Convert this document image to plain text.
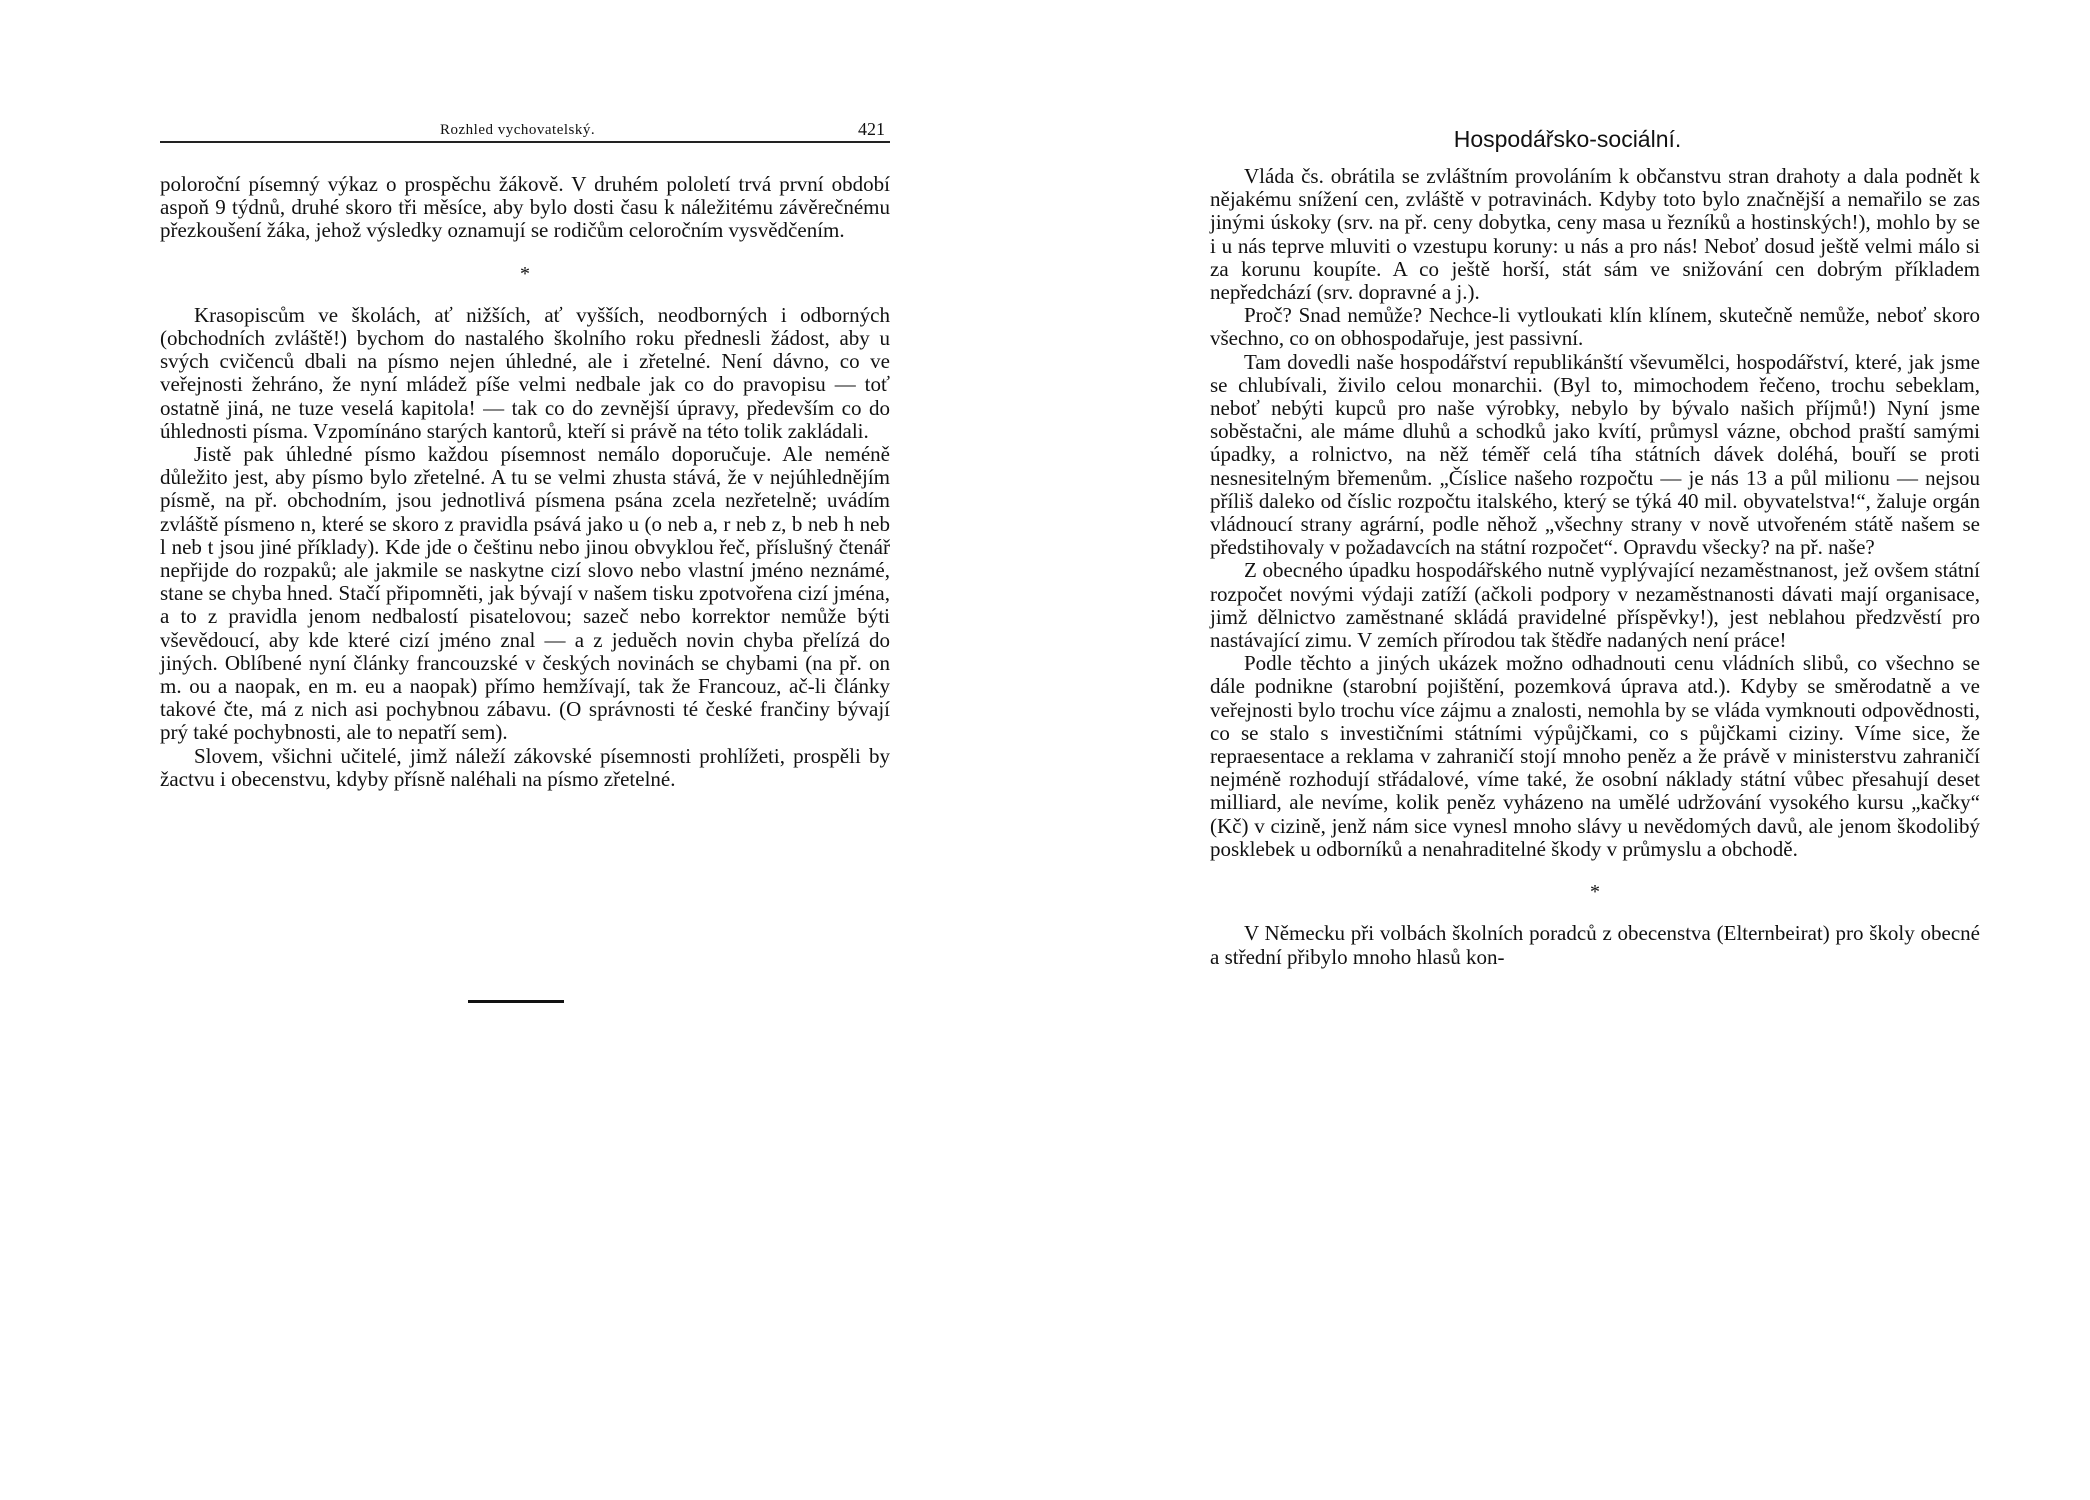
Rozhled vychovatelský.	421

poloroční písemný výkaz o prospěchu žákově. V druhém pololetí trvá první období aspoň 9 týdnů, druhé skoro tři měsíce, aby bylo dosti času k náležitému závěrečnému přezkoušení žáka, jehož výsledky oznamují se rodičům celoročním vysvědčením.

*

Krasopiscům ve školách, ať nižších, ať vyšších, neodborných i odborných (obchodních zvláště!) bychom do nastalého školního roku přednesli žádost, aby u svých cvičenců dbali na písmo nejen úhledné, ale i zřetelné. Není dávno, co ve veřejnosti žehráno, že nyní mládež píše velmi nedbale jak co do pravopisu — toť ostatně jiná, ne tuze veselá kapitola! — tak co do zevnější úpravy, především co do úhlednosti písma. Vzpomínáno starých kantorů, kteří si právě na této tolik zakládali.

Jistě pak úhledné písmo každou písemnost nemálo doporučuje. Ale neméně důležito jest, aby písmo bylo zřetelné. A tu se velmi zhusta stává, že v nejúhlednějím písmě, na př. obchodním, jsou jednotlivá písmena psána zcela nezřetelně; uvádím zvláště písmeno n, které se skoro z pravidla psává jako u (o neb a, r neb z, b neb h neb l neb t jsou jiné příklady). Kde jde o češtinu nebo jinou obvyklou řeč, příslušný čtenář nepřijde do rozpaků; ale jakmile se naskytne cizí slovo nebo vlastní jméno neznámé, stane se chyba hned. Stačí připomněti, jak bývají v našem tisku zpotvořena cizí jména, a to z pravidla jenom nedbalostí pisatelovou; sazeč nebo korrektor nemůže býti vševědoucí, aby kde které cizí jméno znal — a z jeduěch novin chyba přelízá do jiných. Oblíbené nyní články francouzské v českých novinách se chybami (na př. on m. ou a naopak, en m. eu a naopak) přímo hemžívají, tak že Francouz, ač-li články takové čte, má z nich asi pochybnou zábavu. (O správnosti té české frančiny bývají prý také pochybnosti, ale to nepatří sem).

Slovem, všichni učitelé, jimž náleží zákovské písemnosti prohlížeti, prospěli by žactvu i obecenstvu, kdyby přísně naléhali na písmo zřetelné.

Hospodářsko-sociální.

Vláda čs. obrátila se zvláštním provoláním k občanstvu stran drahoty a dala podnět k nějakému snížení cen, zvláště v potravinách. Kdyby toto bylo značnější a nemařilo se zas jinými úskoky (srv. na př. ceny dobytka, ceny masa u řezníků a hostinských!), mohlo by se i u nás teprve mluviti o vzestupu koruny: u nás a pro nás! Neboť dosud ještě velmi málo si za korunu koupíte. A co ještě horší, stát sám ve snižování cen dobrým příkladem nepředchází (srv. dopravné a j.).

Proč? Snad nemůže? Nechce-li vytloukati klín klínem, skutečně nemůže, neboť skoro všechno, co on obhospodařuje, jest passivní.

Tam dovedli naše hospodářství republikánští vševumělci, hospodářství, které, jak jsme se chlubívali, živilo celou monarchii. (Byl to, mimochodem řečeno, trochu sebeklam, neboť nebýti kupců pro naše výrobky, nebylo by bývalo našich příjmů!) Nyní jsme soběstačni, ale máme dluhů a schodků jako kvítí, průmysl vázne, obchod praští samými úpadky, a rolnictvo, na něž téměř celá tíha státních dávek doléhá, bouří se proti nesnesitelným břemenům. „Číslice našeho rozpočtu — je nás 13 a půl milionu — nejsou příliš daleko od číslic rozpočtu italského, který se týká 40 mil. obyvatelstva!“, žaluje orgán vládnoucí strany agrární, podle něhož „všechny strany v nově utvořeném státě našem se předstihovaly v požadavcích na státní rozpočet“. Opravdu všecky? na př. naše?

Z obecného úpadku hospodářského nutně vyplývající nezaměstnanost, jež ovšem státní rozpočet novými výdaji zatíží (ačkoli podpory v nezaměstnanosti dávati mají organisace, jimž dělnictvo zaměstnané skládá pravidelné příspěvky!), jest neblahou předzvěstí pro nastávající zimu. V zemích přírodou tak štědře nadaných není práce!

Podle těchto a jiných ukázek možno odhadnouti cenu vládních slibů, co všechno se dále podnikne (starobní pojištění, pozemková úprava atd.). Kdyby se směrodatně a ve veřejnosti bylo trochu více zájmu a znalosti, nemohla by se vláda vymknouti odpovědnosti, co se stalo s investičními státními výpůjčkami, co s půjčkami ciziny. Víme sice, že repraesentace a reklama v zahraničí stojí mnoho peněz a že právě v ministerstvu zahraničí nejméně rozhodují střádalové, víme také, že osobní náklady státní vůbec přesahují deset milliard, ale nevíme, kolik peněz vyházeno na umělé udržování vysokého kursu „kačky“ (Kč) v cizině, jenž nám sice vynesl mnoho slávy u nevědomých davů, ale jenom škodolibý posklebek u odborníků a nenahraditelné škody v průmyslu a obchodě.

*

V Německu při volbách školních poradců z obecenstva (Elternbeirat) pro školy obecné a střední přibylo mnoho hlasů kon-
